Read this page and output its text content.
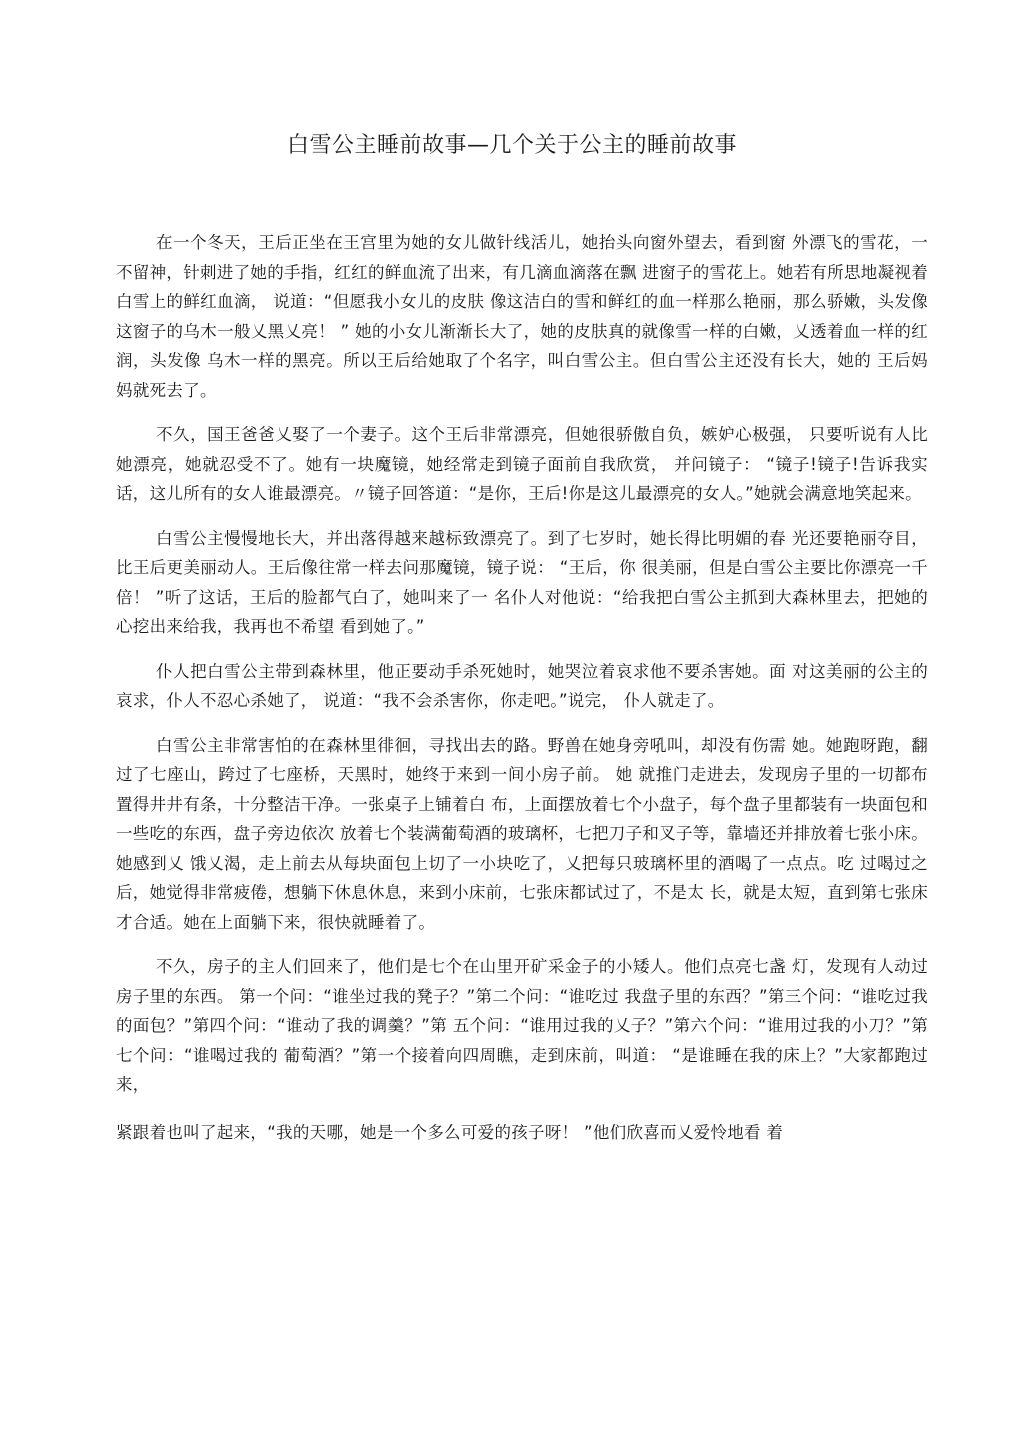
白雪公主睡前故事—几个关于公主的睡前故事

在一个冬天，王后正坐在王宫里为她的女儿做针线活儿，她抬头向窗外望去，看到窗 外漂飞的雪花，一不留神，针刺进了她的手指，红红的鲜血流了出来，有几滴血滴落在飘 进窗子的雪花上。她若有所思地凝视着白雪上的鲜红血滴， 说道：“但愿我小女儿的皮肤 像这洁白的雪和鲜红的血一样那么艳丽，那么骄嫩，头发像这窗子的乌木一般乂黑乂亮！ ” 她的小女儿渐渐长大了，她的皮肤真的就像雪一样的白嫩，乂透着血一样的红润，头发像 乌木一样的黑亮。所以王后给她取了个名字，叫白雪公主。但白雪公主还没有长大，她的 王后妈妈就死去了。

不久，国王爸爸乂娶了一个妻子。这个王后非常漂亮，但她很骄傲自负，嫉妒心极强， 只要听说有人比她漂亮，她就忍受不了。她有一块魔镜，她经常走到镜子面前自我欣赏， 并问镜子： “镜子!镜子!告诉我实话，这儿所有的女人谁最漂亮。〃镜子回答道：“是你，王后!你是这儿最漂亮的女人。”她就会满意地笑起来。

白雪公主慢慢地长大，并出落得越来越标致漂亮了。到了七岁时，她长得比明媚的春 光还要艳丽夺目，比王后更美丽动人。王后像往常一样去问那魔镜，镜子说： “王后，你 很美丽，但是白雪公主要比你漂亮一千倍！ ”听了这话，王后的脸都气白了，她叫来了一 名仆人对他说：“给我把白雪公主抓到大森林里去，把她的心挖出来给我，我再也不希望 看到她了。”

仆人把白雪公主带到森林里，他正要动手杀死她时，她哭泣着哀求他不要杀害她。面 对这美丽的公主的哀求，仆人不忍心杀她了， 说道：“我不会杀害你，你走吧。”说完， 仆人就走了。

白雪公主非常害怕的在森林里徘徊，寻找出去的路。野兽在她身旁吼叫，却没有伤需 她。她跑呀跑，翻过了七座山，跨过了七座桥，天黑时，她终于来到一间小房子前。 她 就推门走进去，发现房子里的一切都布置得井井有条，十分整洁干净。一张桌子上铺着白 布，上面摆放着七个小盘子，每个盘子里都装有一块面包和一些吃的东西，盘子旁边依次 放着七个装满葡萄酒的玻璃杯，七把刀子和叉子等，靠墙还并排放着七张小床。她感到乂 饿乂渴，走上前去从每块面包上切了一小块吃了，乂把每只玻璃杯里的酒喝了一点点。吃 过喝过之后，她觉得非常疲倦，想躺下休息休息，来到小床前，七张床都试过了，不是太 长，就是太短，直到第七张床才合适。她在上面躺下来，很快就睡着了。

不久，房子的主人们回来了，他们是七个在山里开矿采金子的小矮人。他们点亮七盏 灯，发现有人动过房子里的东西。 第一个问：“谁坐过我的凳子？”第二个问：“谁吃过 我盘子里的东西？”第三个问：“谁吃过我的面包？”第四个问：“谁动了我的调羹？”第 五个问：“谁用过我的乂子？”第六个问：“谁用过我的小刀？”第七个问：“谁喝过我的 葡萄酒？”第一个接着向四周瞧，走到床前，叫道： “是谁睡在我的床上？”大家都跑过来，

紧跟着也叫了起来，“我的天哪，她是一个多么可爱的孩子呀！ ”他们欣喜而乂爱怜地看 着
